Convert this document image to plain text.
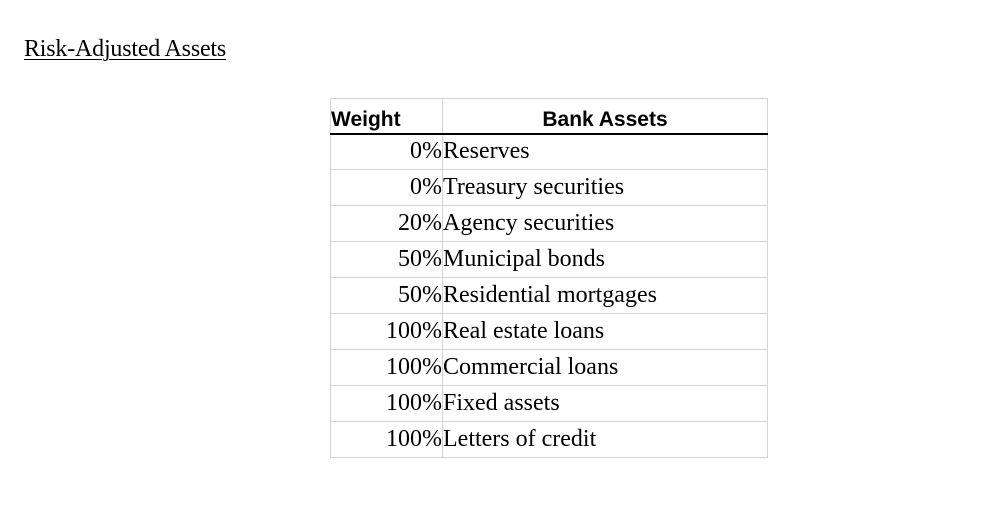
Risk-Adjusted Assets
Weight	Bank Assets
0%	Reserves
0%	Treasury securities
20%	Agency securities
50%	Municipal bonds
50%	Residential mortgages
100%	Real estate loans
100%	Commercial loans
100%	Fixed assets
100%	Letters of credit
